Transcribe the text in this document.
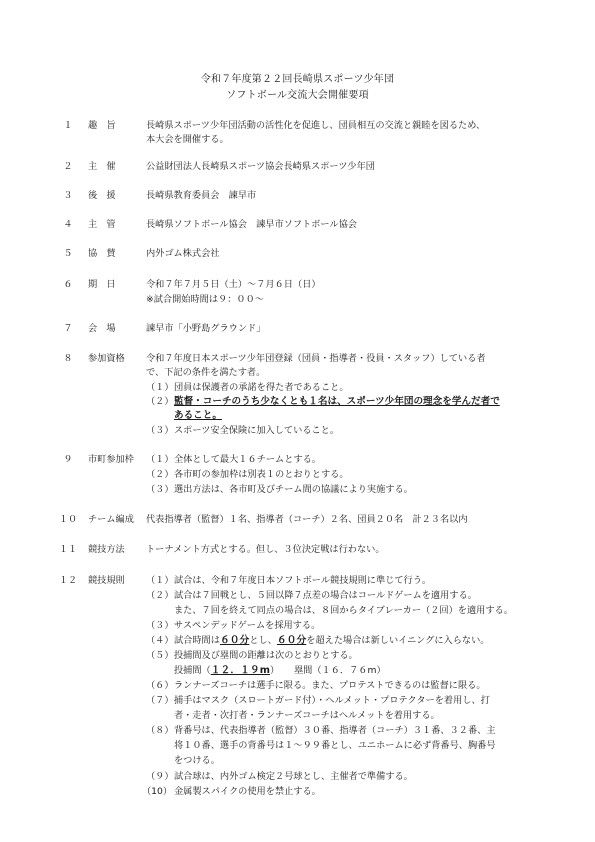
令和７年度第２２回長崎県スポーツ少年団
ソフトボール交流大会開催要項
１	趣　旨	長崎県スポーツ少年団活動の活性化を促進し、団員相互の交流と親睦を図るため、
本大会を開催する。
２	主　催	公益財団法人長崎県スポーツ協会長崎県スポーツ少年団
３	後　援	長崎県教育委員会　諫早市
４	主　管	長崎県ソフトボール協会　諫早市ソフトボール協会
５	協　賛	内外ゴム株式会社
６	期　日	令和７年７月５日（土）～７月６日（日）
※試合開始時間は９：００～
７	会　場	諫早市「小野島グラウンド」
８	参加資格	令和７年度日本スポーツ少年団登録（団員・指導者・役員・スタッフ）している者
で、下記の条件を満たす者。
（１） 団員は保護者の承諾を得た者であること。
（２） 監督・コーチのうち少なくとも１名は、スポーツ少年団の理念を学んだ者で
あること。
（３） スポーツ安全保険に加入していること。
９	市町参加枠	（１） 全体として最大１６チームとする。
（２） 各市町の参加枠は別表１のとおりとする。
（３） 選出方法は、各市町及びチーム間の協議により実施する。
１０	チーム編成	代表指導者（監督）１名、指導者（コーチ）２名、団員２０名　計２３名以内
１１	競技方法	トーナメント方式とする。但し、３位決定戦は行わない。
１２	競技規則	（１） 試合は、令和７年度日本ソフトボール競技規則に準じて行う。
（２） 試合は７回戦とし、５回以降７点差の場合はコールドゲームを適用する。
また、７回を終えて同点の場合は、８回からタイブレーカー（２回）を適用する。
（３） サスペンデッドゲームを採用する。
（４） 試合時間は６０分とし、６０分を超えた場合は新しいイニングに入らない。
（５） 投捕間及び塁間の距離は次のとおりとする。
投捕間（１２．１９m） 塁間（１６．７６m）
（６） ランナーズコーチは選手に限る。また、プロテストできるのは監督に限る。
（７） 捕手はマスク（スロートガード付）・ヘルメット・プロテクターを着用し、打
者・走者・次打者・ランナーズコーチはヘルメットを着用する。
（８） 背番号は、代表指導者（監督）３０番、指導者（コーチ）３１番、３２番、主
将１０番、選手の背番号は１～９９番とし、ユニホームに必ず背番号、胸番号
をつける。
（９） 試合球は、内外ゴム検定２号球とし、主催者で準備する。
（10） 金属製スパイクの使用を禁止する。
